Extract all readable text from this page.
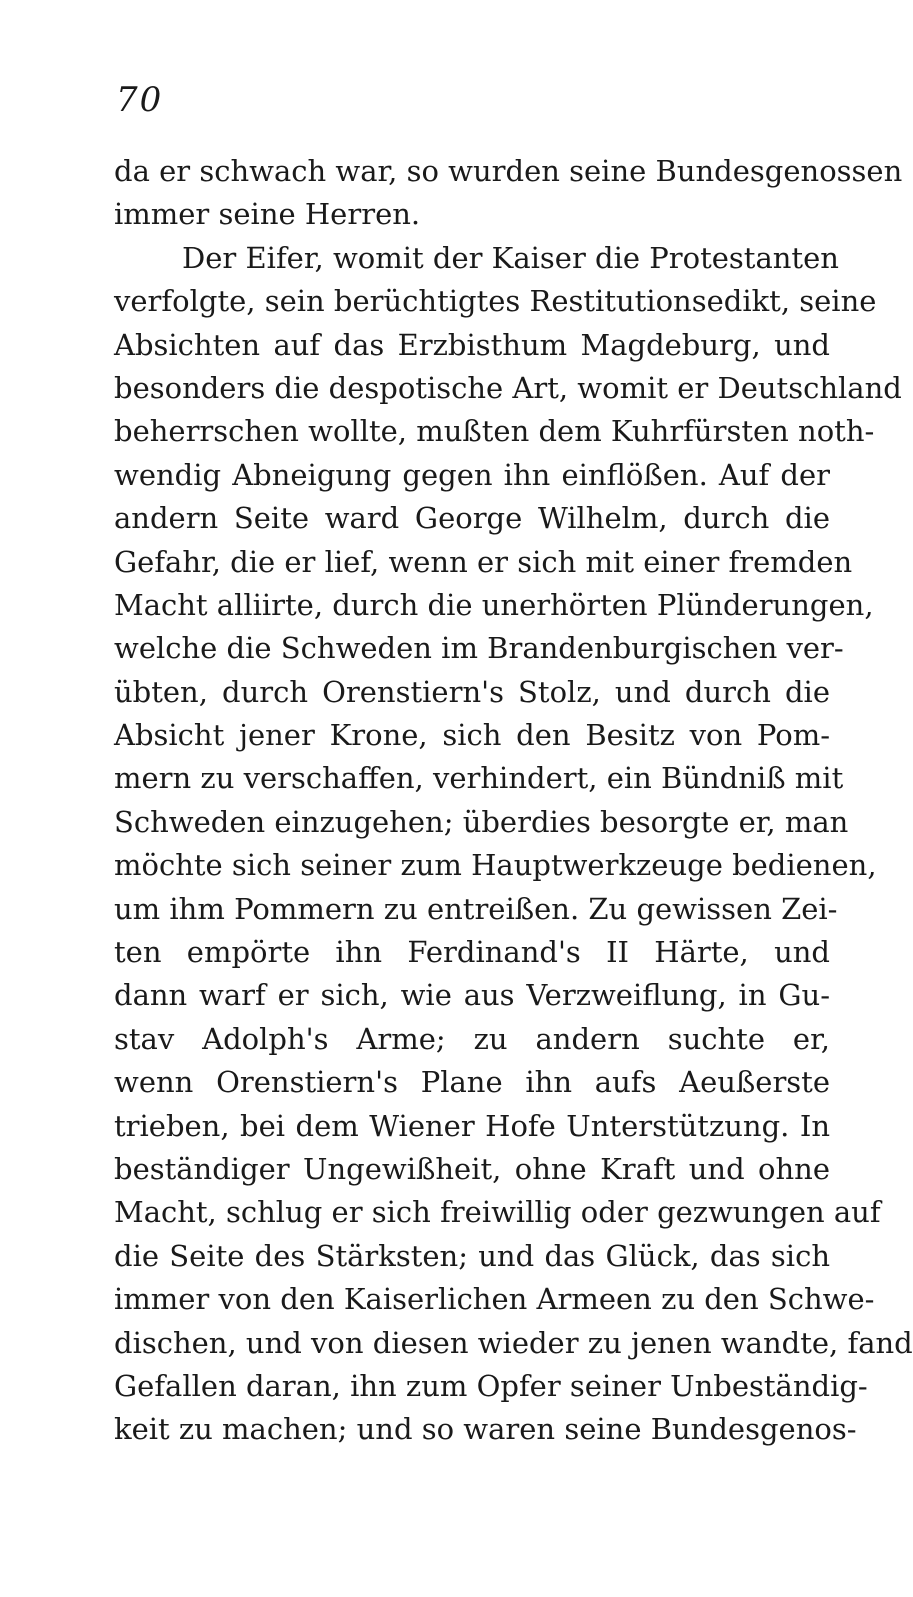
70
da er schwach war, so wurden seine Bundesgenossen
immer seine Herren.
Der Eifer, womit der Kaiser die Protestanten
verfolgte, sein berüchtigtes Restitutionsedikt, seine
Absichten auf das Erzbisthum Magdeburg, und
besonders die despotische Art, womit er Deutschland
beherrschen wollte, mußten dem Kuhrfürsten noth-
wendig Abneigung gegen ihn einflößen. Auf der
andern Seite ward George Wilhelm, durch die
Gefahr, die er lief, wenn er sich mit einer fremden
Macht alliirte, durch die unerhörten Plünderungen,
welche die Schweden im Brandenburgischen ver-
übten, durch Orenstiern's Stolz, und durch die
Absicht jener Krone, sich den Besitz von Pom-
mern zu verschaffen, verhindert, ein Bündniß mit
Schweden einzugehen; überdies besorgte er, man
möchte sich seiner zum Hauptwerkzeuge bedienen,
um ihm Pommern zu entreißen. Zu gewissen Zei-
ten empörte ihn Ferdinand's II Härte, und
dann warf er sich, wie aus Verzweiflung, in Gu-
stav Adolph's Arme; zu andern suchte er,
wenn Orenstiern's Plane ihn aufs Aeußerste
trieben, bei dem Wiener Hofe Unterstützung. In
beständiger Ungewißheit, ohne Kraft und ohne
Macht, schlug er sich freiwillig oder gezwungen auf
die Seite des Stärksten; und das Glück, das sich
immer von den Kaiserlichen Armeen zu den Schwe-
dischen, und von diesen wieder zu jenen wandte, fand
Gefallen daran, ihn zum Opfer seiner Unbeständig-
keit zu machen; und so waren seine Bundesgenos-
